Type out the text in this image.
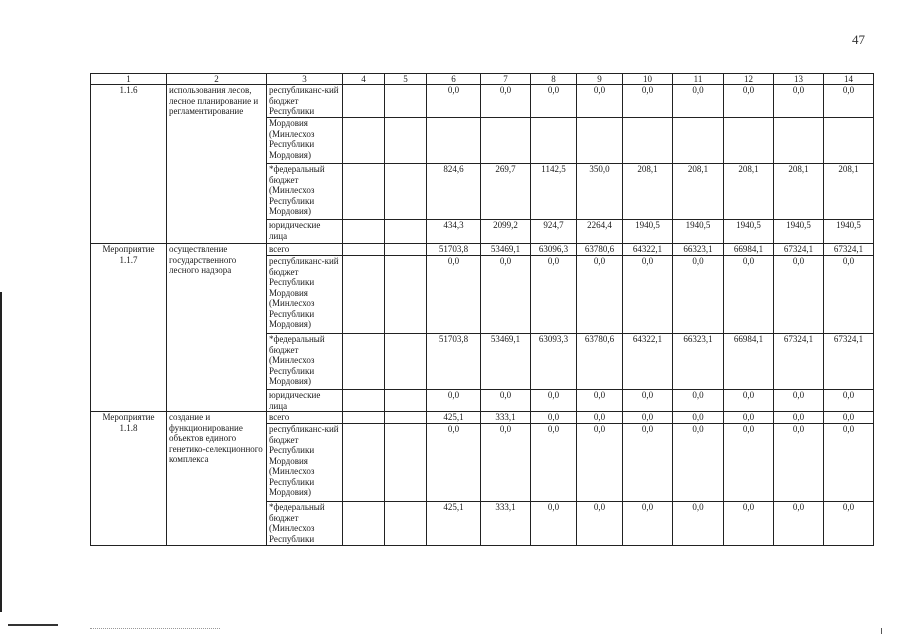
47
1	2	3	4	5	6	7	8	9	10	11	12	13	14
1.1.6	использования лесов, лесное планирование и регламентирование	республиканс-кий бюджет Республики			0,0	0,0	0,0	0,0	0,0	0,0	0,0	0,0	0,0
		Мордовия (Минлесхоз Республики Мордовия)											
		*федеральный бюджет (Минлесхоз Республики Мордовия)			824,6	269,7	1142,5	350,0	208,1	208,1	208,1	208,1	208,1
		юридические лица			434,3	2099,2	924,7	2264,4	1940,5	1940,5	1940,5	1940,5	1940,5
Мероприятие 1.1.7	осуществление государственного лесного надзора	всего			51703,8	53469,1	63096,3	63780,6	64322,1	66323,1	66984,1	67324,1	67324,1
		республиканс-кий бюджет Республики Мордовия (Минлесхоз Республики Мордовия)			0,0	0,0	0,0	0,0	0,0	0,0	0,0	0,0	0,0
		*федеральный бюджет (Минлесхоз Республики Мордовия)			51703,8	53469,1	63093,3	63780,6	64322,1	66323,1	66984,1	67324,1	67324,1
		юридические лица			0,0	0,0	0,0	0,0	0,0	0,0	0,0	0,0	0,0
Мероприятие 1.1.8	создание и функционирование объектов единого генетико-селекционного комплекса	всего			425,1	333,1	0,0	0,0	0,0	0,0	0,0	0,0	0,0
		республиканс-кий бюджет Республики Мордовия (Минлесхоз Республики Мордовия)			0,0	0,0	0,0	0,0	0,0	0,0	0,0	0,0	0,0
		*федеральный бюджет (Минлесхоз Республики			425,1	333,1	0,0	0,0	0,0	0,0	0,0	0,0	0,0
